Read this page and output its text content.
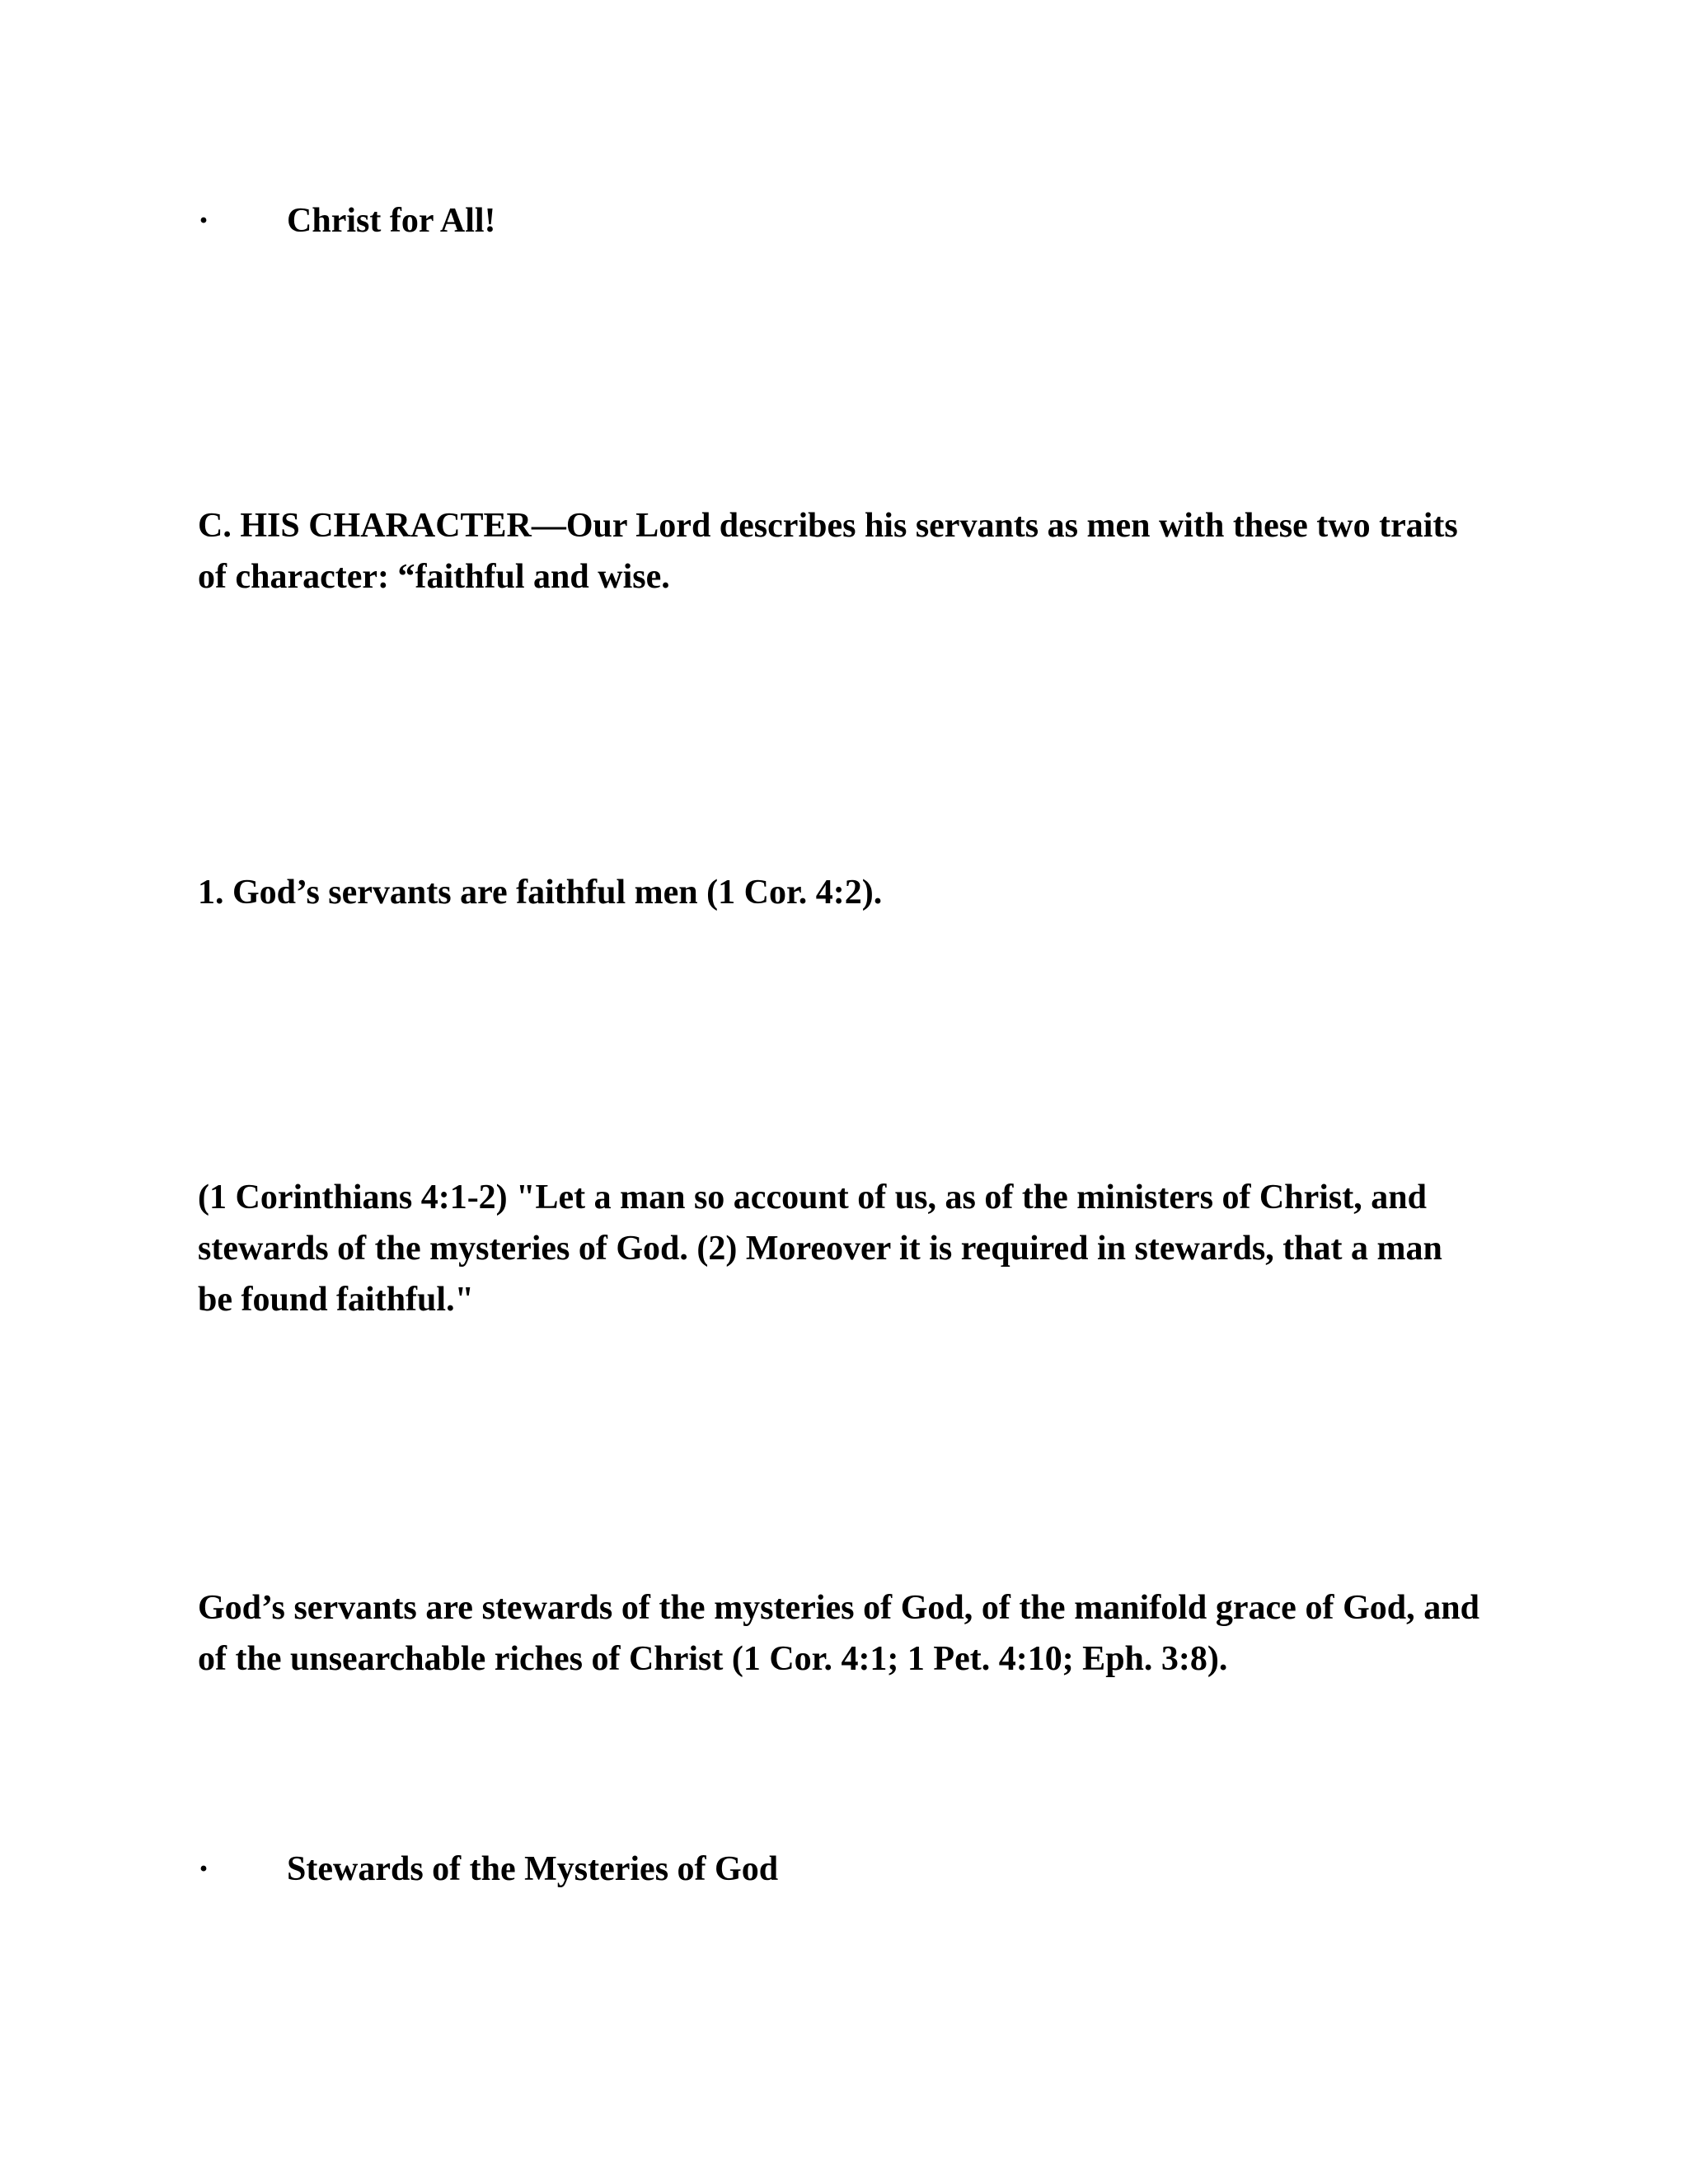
· Christ for All!
C. HIS CHARACTER—Our Lord describes his servants as men with these two traits of character: “faithful and wise.
1. God’s servants are faithful men (1 Cor. 4:2).
(1 Corinthians 4:1-2) "Let a man so account of us, as of the ministers of Christ, and stewards of the mysteries of God. (2) Moreover it is required in stewards, that a man be found faithful."
God’s servants are stewards of the mysteries of God, of the manifold grace of God, and of the unsearchable riches of Christ (1 Cor. 4:1; 1 Pet. 4:10; Eph. 3:8).
· Stewards of the Mysteries of God
